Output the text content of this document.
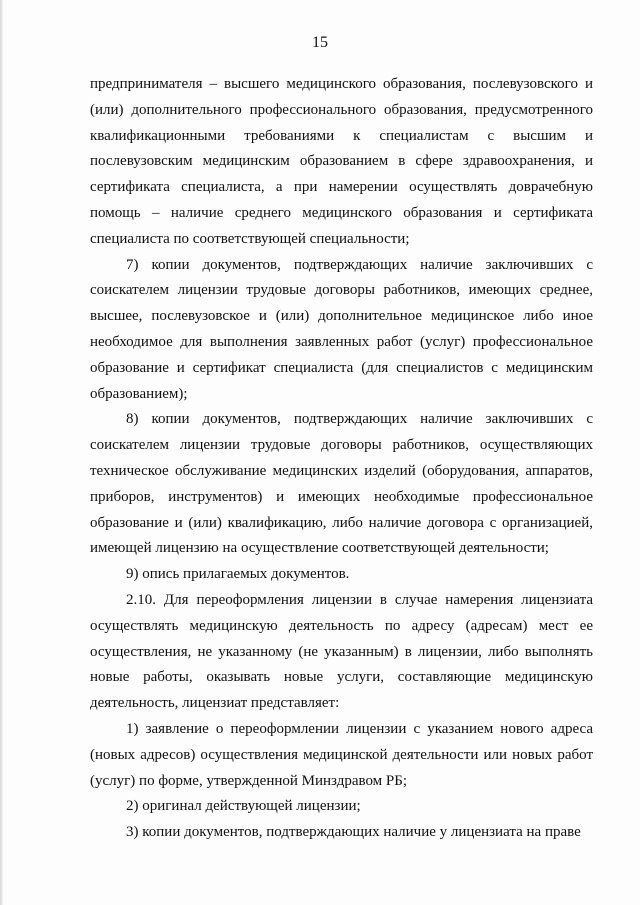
15

предпринимателя – высшего медицинского образования, послевузовского и (или) дополнительного профессионального образования, предусмотренного квалификационными требованиями к специалистам с высшим и послевузовским медицинским образованием в сфере здравоохранения, и сертификата специалиста, а при намерении осуществлять доврачебную помощь – наличие среднего медицинского образования и сертификата специалиста по соответствующей специальности;

7) копии документов, подтверждающих наличие заключивших с соискателем лицензии трудовые договоры работников, имеющих среднее, высшее, послевузовское и (или) дополнительное медицинское либо иное необходимое для выполнения заявленных работ (услуг) профессиональное образование и сертификат специалиста (для специалистов с медицинским образованием);

8) копии документов, подтверждающих наличие заключивших с соискателем лицензии трудовые договоры работников, осуществляющих техническое обслуживание медицинских изделий (оборудования, аппаратов, приборов, инструментов) и имеющих необходимые профессиональное образование и (или) квалификацию, либо наличие договора с организацией, имеющей лицензию на осуществление соответствующей деятельности;

9) опись прилагаемых документов.

2.10. Для переоформления лицензии в случае намерения лицензиата осуществлять медицинскую деятельность по адресу (адресам) мест ее осуществления, не указанному (не указанным) в лицензии, либо выполнять новые работы, оказывать новые услуги, составляющие медицинскую деятельность, лицензиат представляет:

1) заявление о переоформлении лицензии с указанием нового адреса (новых адресов) осуществления медицинской деятельности или новых работ (услуг) по форме, утвержденной Минздравом РБ;

2) оригинал действующей лицензии;

3) копии документов, подтверждающих наличие у лицензиата на праве
